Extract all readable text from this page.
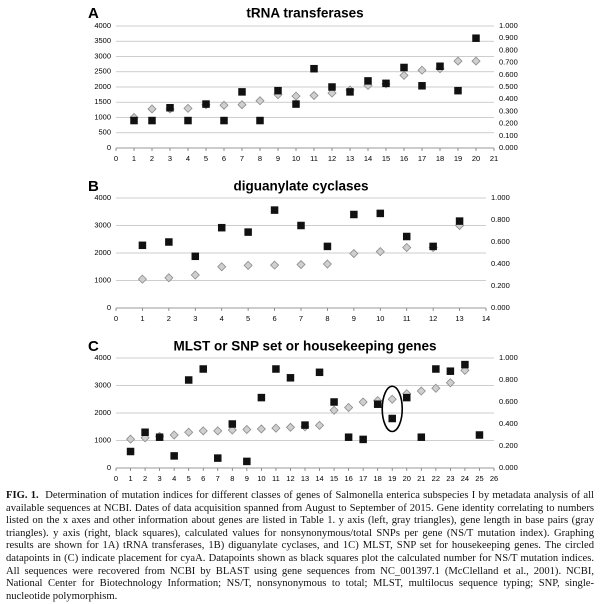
A	tRNA transferases
0
500
1000
1500
2000
2500
3000
3500
4000
0.000
0.100
0.200
0.300
0.400
0.500
0.600
0.700
0.800
0.900
1.000
0 1 2 3 4 5 6 7 8 9 10 11 12 13 14 15 16 17 18 19 20 21
B	diguanylate cyclases
0
1000
2000
3000
4000
0.000
0.200
0.400
0.600
0.800
1.000
0	1	2	3	4	5	6	7	8	9	10 11 12 13 14
C	MLST or SNP set or housekeeping genes
0
1000
2000
3000
4000
0.000
0.200
0.400
0.600
0.800
1.000
0 1 2 3 4 5 6 7 8 9 10 11 12 13 14 15 16 17 18 19 20 21 22 23 24 25 26
FIG. 1. Determination of mutation indices for different classes of genes of Salmonella enterica subspecies I by metadata analysis of all available sequences at NCBI. Dates of data acquisition spanned from August to September of 2015. Gene identity correlating to numbers listed on the x axes and other information about genes are listed in Table 1. y axis (left, gray triangles), gene length in base pairs (gray triangles). y axis (right, black squares), calculated values for nonsynonymous/total SNPs per gene (NS/T mutation index). Graphing results are shown for 1A) tRNA transferases, 1B) diguanylate cyclases, and 1C) MLST, SNP set for housekeeping genes. The circled datapoints in (C) indicate placement for cyaA. Datapoints shown as black squares plot the calculated number for NS/T mutation indices. All sequences were recovered from NCBI by BLAST using gene sequences from NC_001397.1 (McClelland et al., 2001). NCBI, National Center for Biotechnology Information; NS/T, nonsynonymous to total; MLST, multilocus sequence typing; SNP, single-nucleotide polymorphism.
